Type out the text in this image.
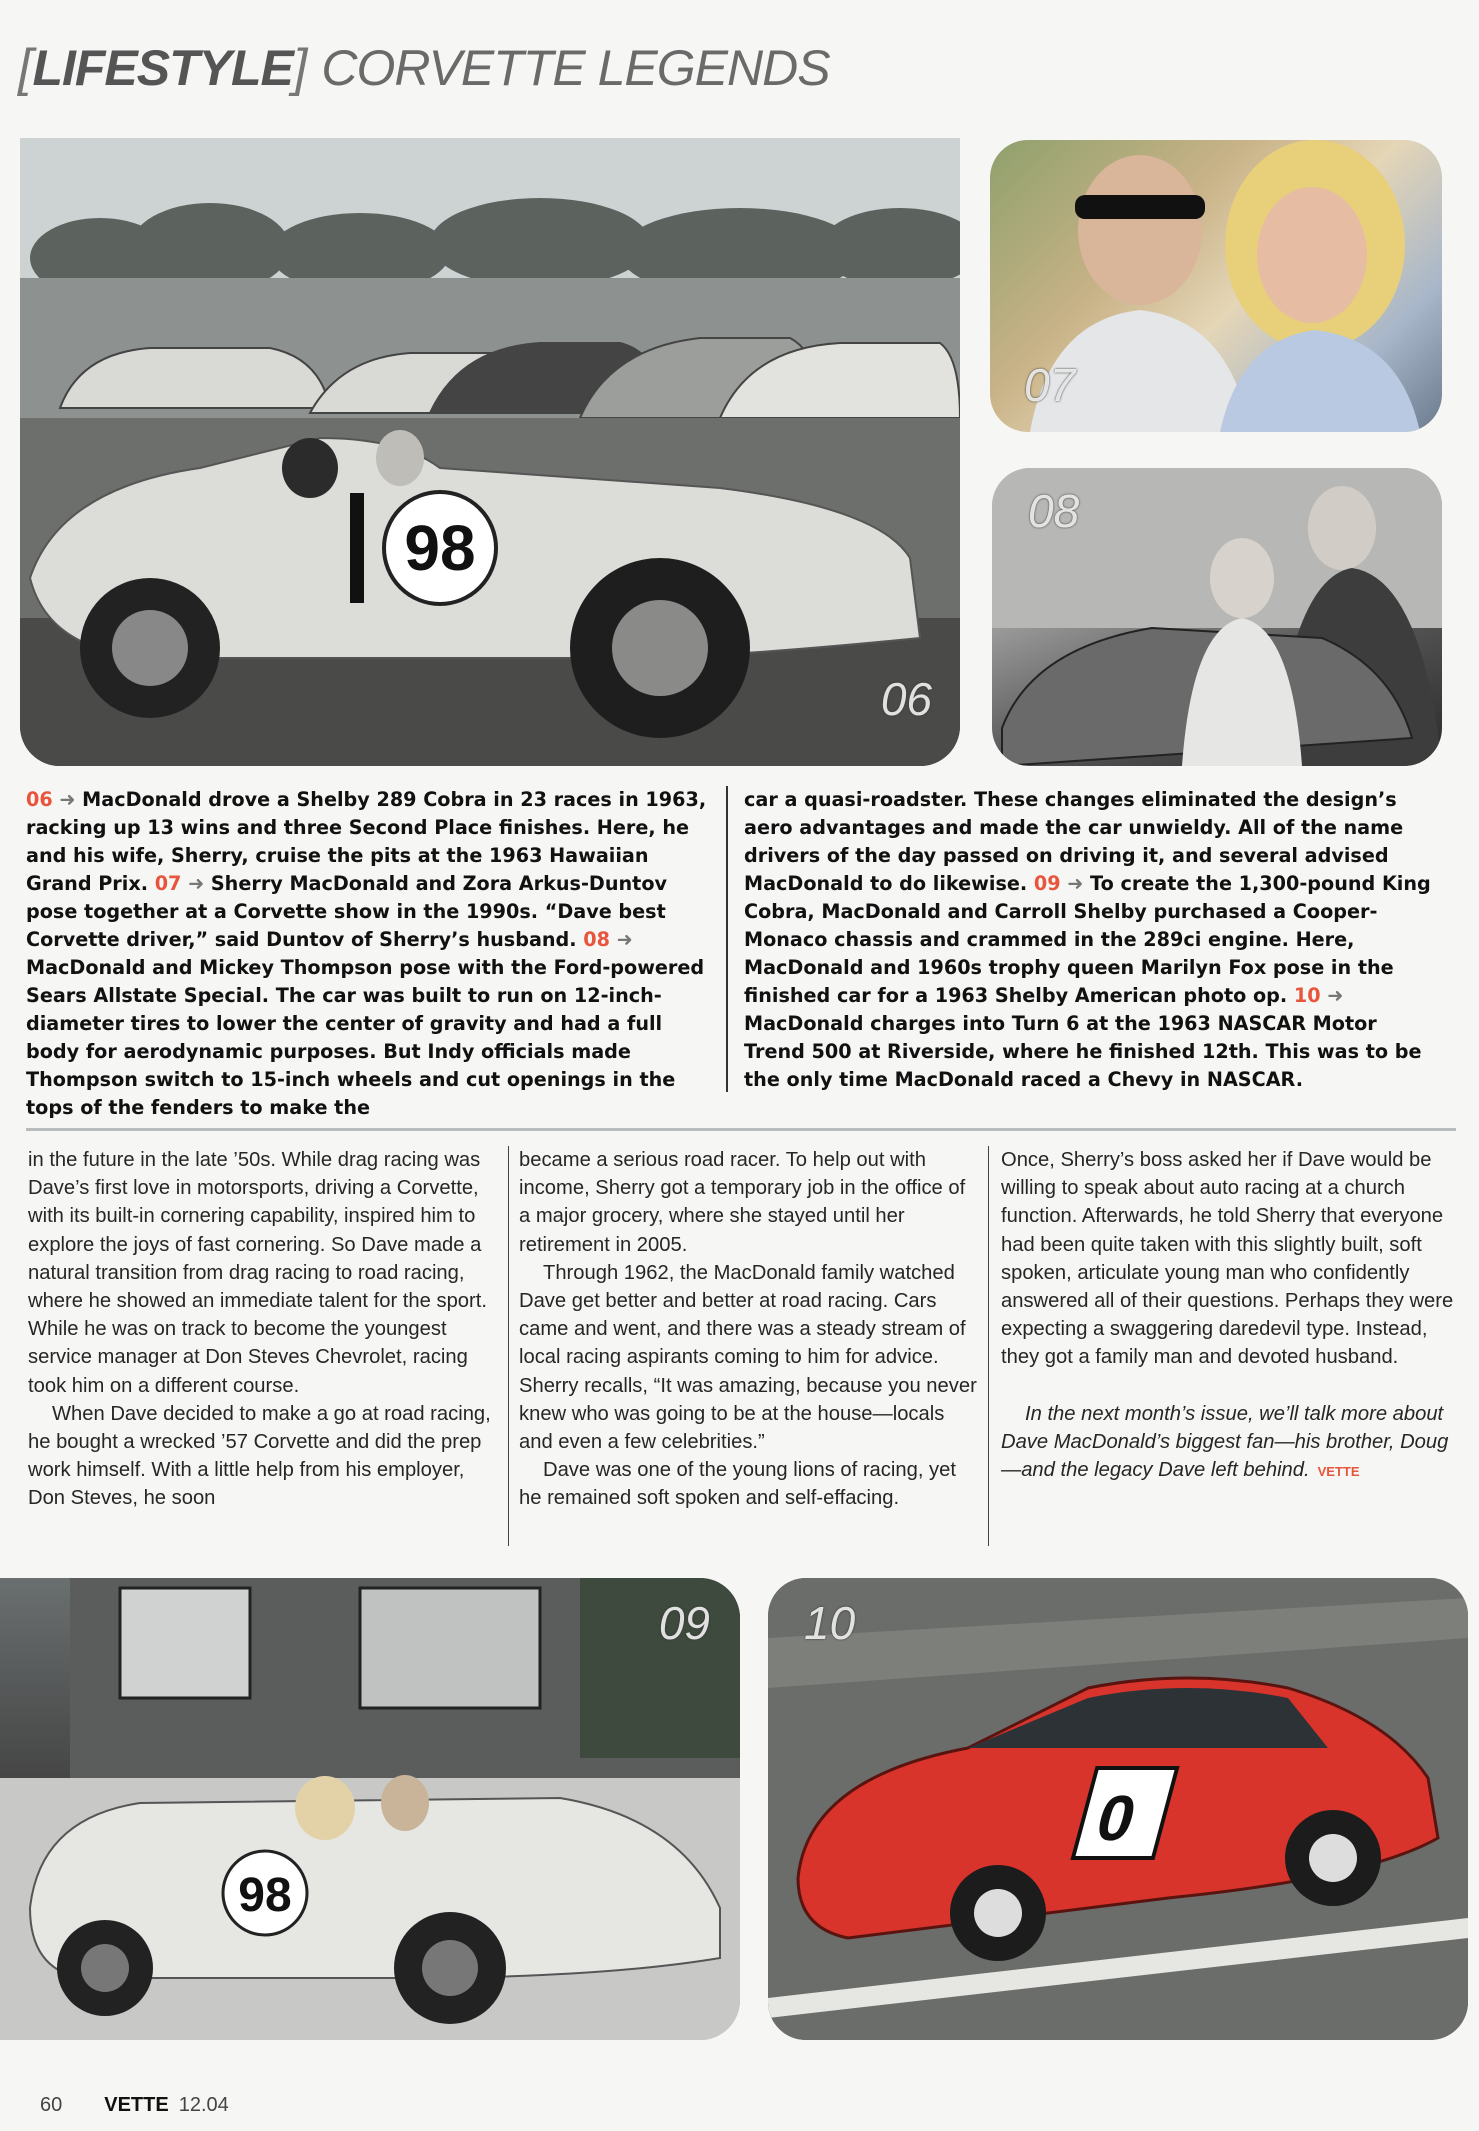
[ LIFESTYLE ] CORVETTE LEGENDS
98
06
07
08
06 ➜ MacDonald drove a Shelby 289 Cobra in 23 races in 1963, racking up 13 wins and three Second Place finishes. Here, he and his wife, Sherry, cruise the pits at the 1963 Hawaiian Grand Prix. 07 ➜ Sherry MacDonald and Zora Arkus-Duntov pose together at a Corvette show in the 1990s. “Dave best Corvette driver,” said Duntov of Sherry’s husband. 08 ➜ MacDonald and Mickey Thompson pose with the Ford-powered Sears Allstate Special. The car was built to run on 12-inch-diameter tires to lower the center of gravity and had a full body for aerodynamic purposes. But Indy officials made Thompson switch to 15-inch wheels and cut openings in the tops of the fenders to make the
car a quasi-roadster. These changes eliminated the design’s aero advantages and made the car unwieldy. All of the name drivers of the day passed on driving it, and several advised MacDonald to do likewise. 09 ➜ To create the 1,300-pound King Cobra, MacDonald and Carroll Shelby purchased a Cooper-Monaco chassis and crammed in the 289ci engine. Here, MacDonald and 1960s trophy queen Marilyn Fox pose in the finished car for a 1963 Shelby American photo op. 10 ➜ MacDonald charges into Turn 6 at the 1963 NASCAR Motor Trend 500 at Riverside, where he finished 12th. This was to be the only time MacDonald raced a Chevy in NASCAR.

in the future in the late ’50s. While drag racing was Dave’s first love in motorsports, driving a Corvette, with its built-in cornering capability, inspired him to explore the joys of fast cornering. So Dave made a natural transition from drag racing to road racing, where he showed an immediate talent for the sport. While he was on track to become the youngest service manager at Don Steves Chevrolet, racing took him on a different course.

When Dave decided to make a go at road racing, he bought a wrecked ’57 Corvette and did the prep work himself. With a little help from his employer, Don Steves, he soon

became a serious road racer. To help out with income, Sherry got a temporary job in the office of a major grocery, where she stayed until her retirement in 2005.

Through 1962, the MacDonald family watched Dave get better and better at road racing. Cars came and went, and there was a steady stream of local racing aspirants coming to him for advice. Sherry recalls, “It was amazing, because you never knew who was going to be at the house—locals and even a few celebrities.”

Dave was one of the young lions of racing, yet he remained soft spoken and self-effacing.

Once, Sherry’s boss asked her if Dave would be willing to speak about auto racing at a church function. Afterwards, he told Sherry that everyone had been quite taken with this slightly built, soft spoken, articulate young man who confidently answered all of their questions. Perhaps they were expecting a swaggering daredevil type. Instead, they got a family man and devoted husband.

In the next month’s issue, we’ll talk more about Dave MacDonald’s biggest fan—his brother, Doug—and the legacy Dave left behind. VETTE

98
09
0
10
60 VETTE 12.04
